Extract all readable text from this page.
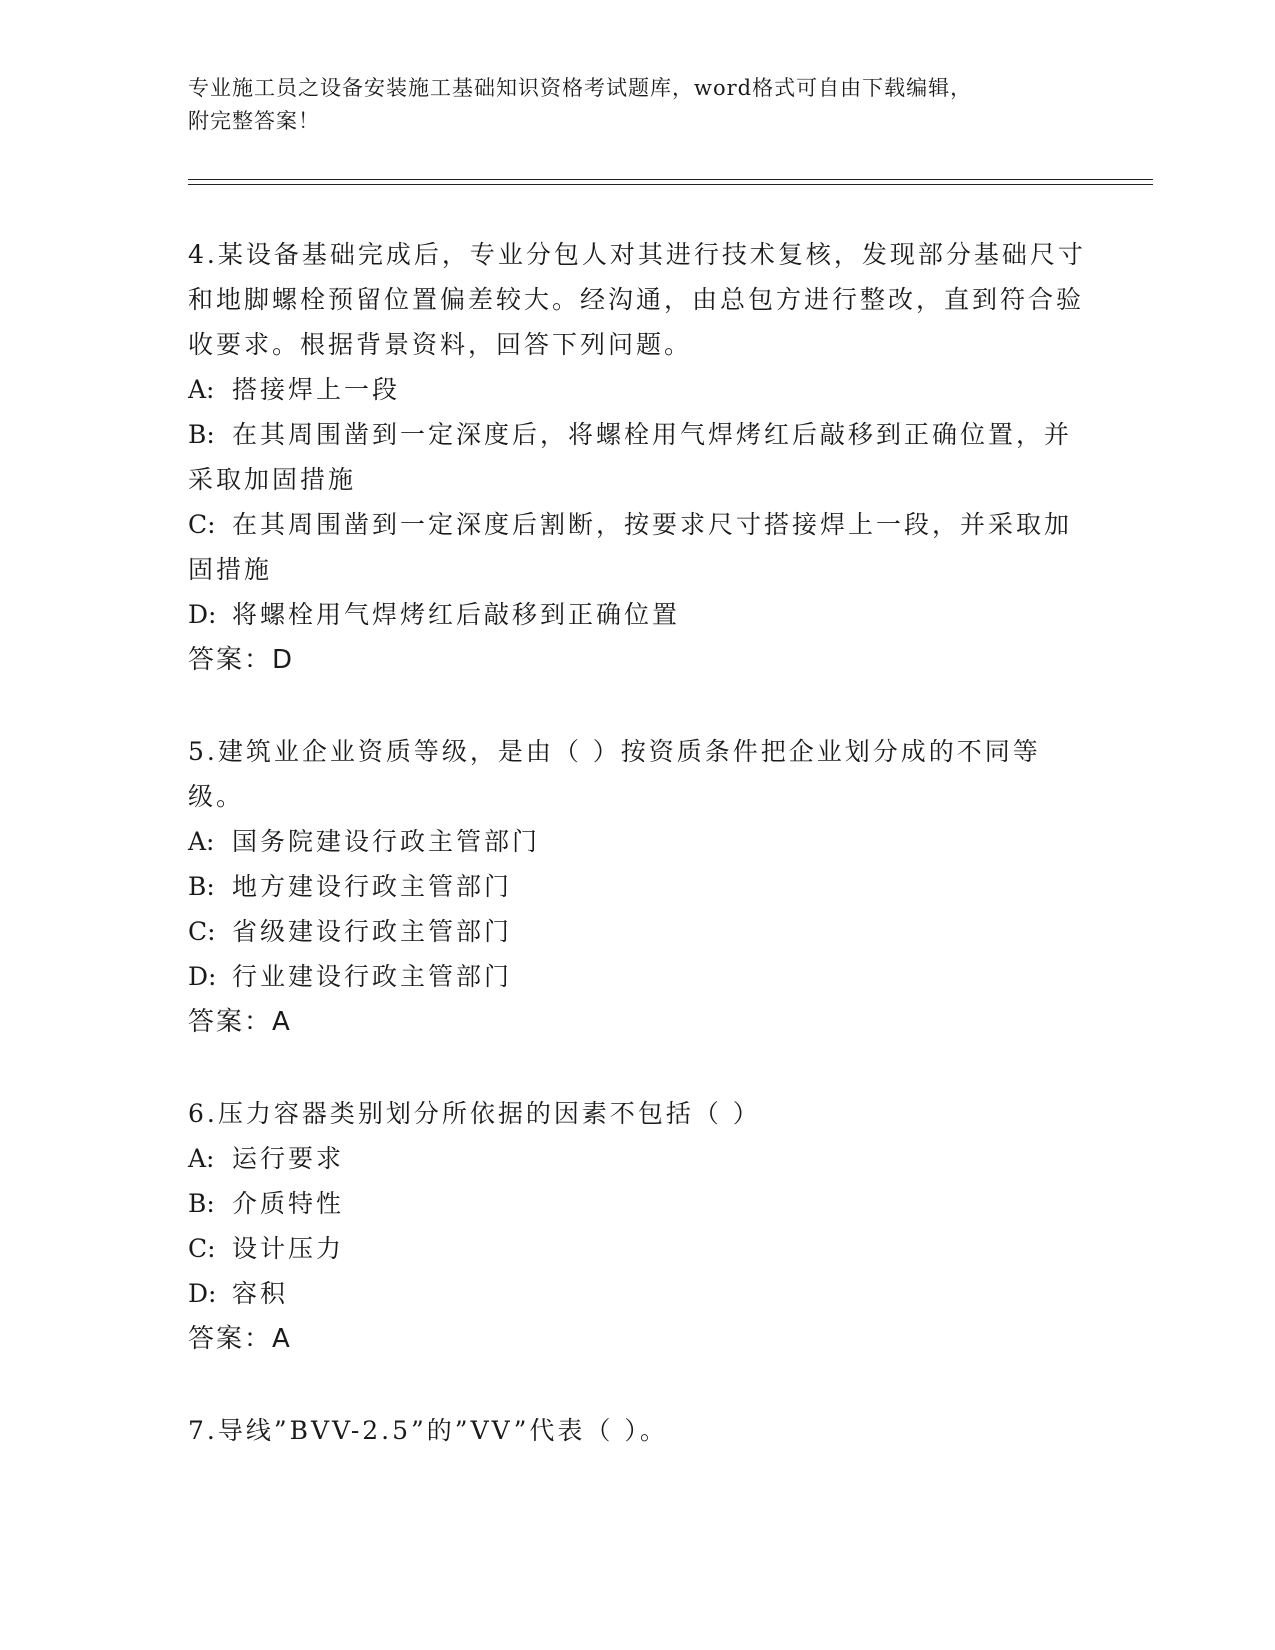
专业施工员之设备安装施工基础知识资格考试题库，word格式可自由下载编辑，
附完整答案！
4.某设备基础完成后，专业分包人对其进行技术复核，发现部分基础尺寸和地脚螺栓预留位置偏差较大。经沟通，由总包方进行整改，直到符合验收要求。根据背景资料，回答下列问题。
A: 搭接焊上一段
B: 在其周围凿到一定深度后，将螺栓用气焊烤红后敲移到正确位置，并采取加固措施
C: 在其周围凿到一定深度后割断，按要求尺寸搭接焊上一段，并采取加固措施
D: 将螺栓用气焊烤红后敲移到正确位置
答案：D
5.建筑业企业资质等级，是由（ ）按资质条件把企业划分成的不同等级。
A: 国务院建设行政主管部门
B: 地方建设行政主管部门
C: 省级建设行政主管部门
D: 行业建设行政主管部门
答案：A
6.压力容器类别划分所依据的因素不包括（ ）
A: 运行要求
B: 介质特性
C: 设计压力
D: 容积
答案：A
7.导线”BVV-2.5”的”VV”代表（ ）。
